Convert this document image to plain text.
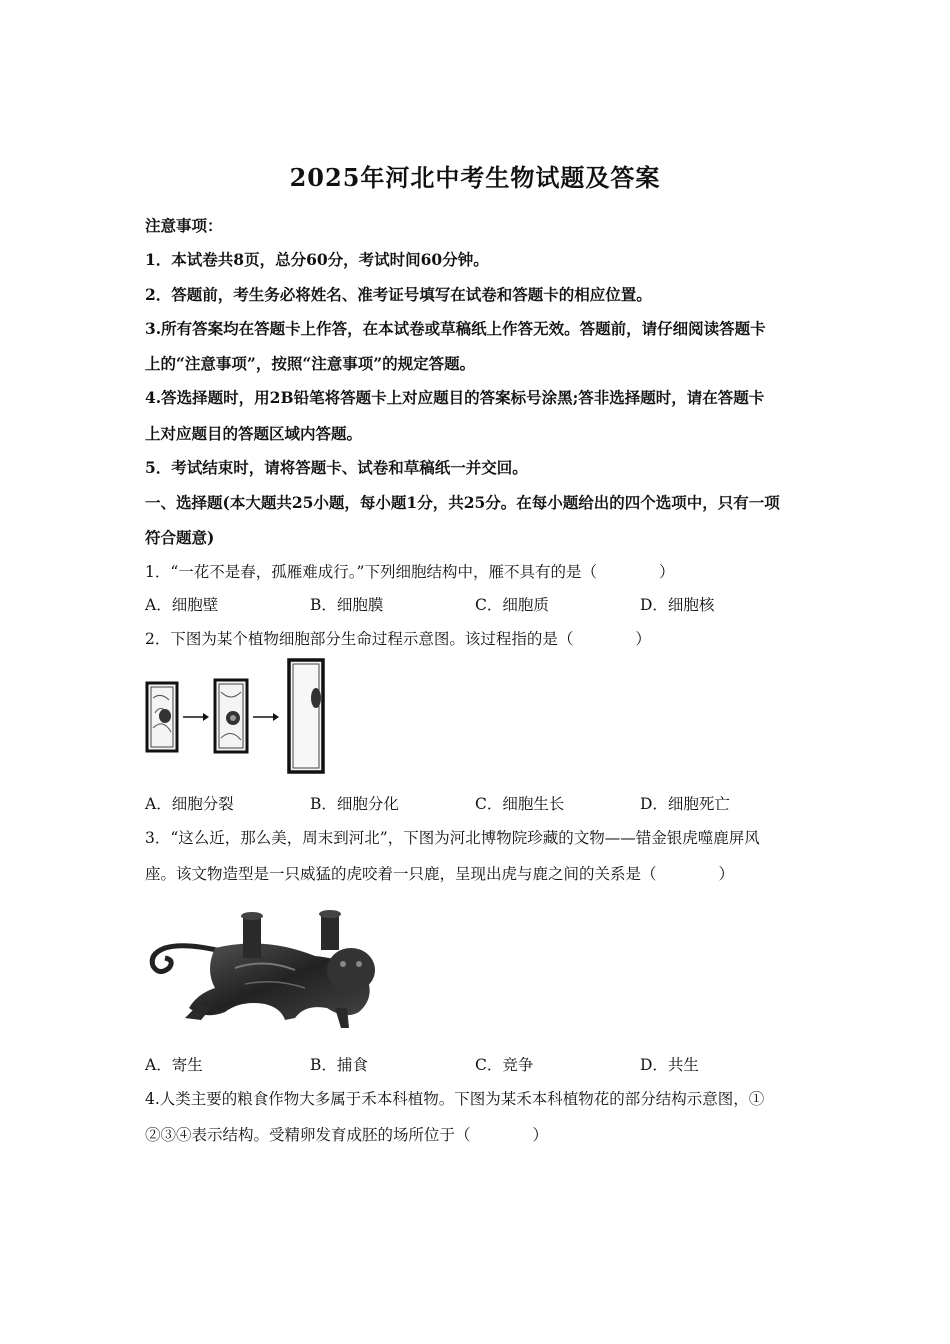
2025年河北中考生物试题及答案
注意事项：
1．本试卷共8页，总分60分，考试时间60分钟。
2．答题前，考生务必将姓名、准考证号填写在试卷和答题卡的相应位置。
3.所有答案均在答题卡上作答，在本试卷或草稿纸上作答无效。答题前，请仔细阅读答题卡
上的“注意事项”，按照“注意事项”的规定答题。
4.答选择题时，用2B铅笔将答题卡上对应题目的答案标号涂黑;答非选择题时，请在答题卡
上对应题目的答题区域内答题。
5．考试结束时，请将答题卡、试卷和草稿纸一并交回。
一、选择题(本大题共25小题，每小题1分，共25分。在每小题给出的四个选项中，只有一项
符合题意)
1．“一花不是春，孤雁难成行。”下列细胞结构中，雁不具有的是（　　　　）
A．细胞壁	B．细胞膜	C．细胞质	D．细胞核
2．下图为某个植物细胞部分生命过程示意图。该过程指的是（　　　　）
A．细胞分裂	B．细胞分化	C．细胞生长	D．细胞死亡
3．“这么近，那么美，周末到河北”，下图为河北博物院珍藏的文物——错金银虎噬鹿屏风
座。该文物造型是一只威猛的虎咬着一只鹿，呈现出虎与鹿之间的关系是（　　　　）
A．寄生	B．捕食	C．竞争	D．共生
4.人类主要的粮食作物大多属于禾本科植物。下图为某禾本科植物花的部分结构示意图，①
②③④表示结构。受精卵发育成胚的场所位于（　　　　）
